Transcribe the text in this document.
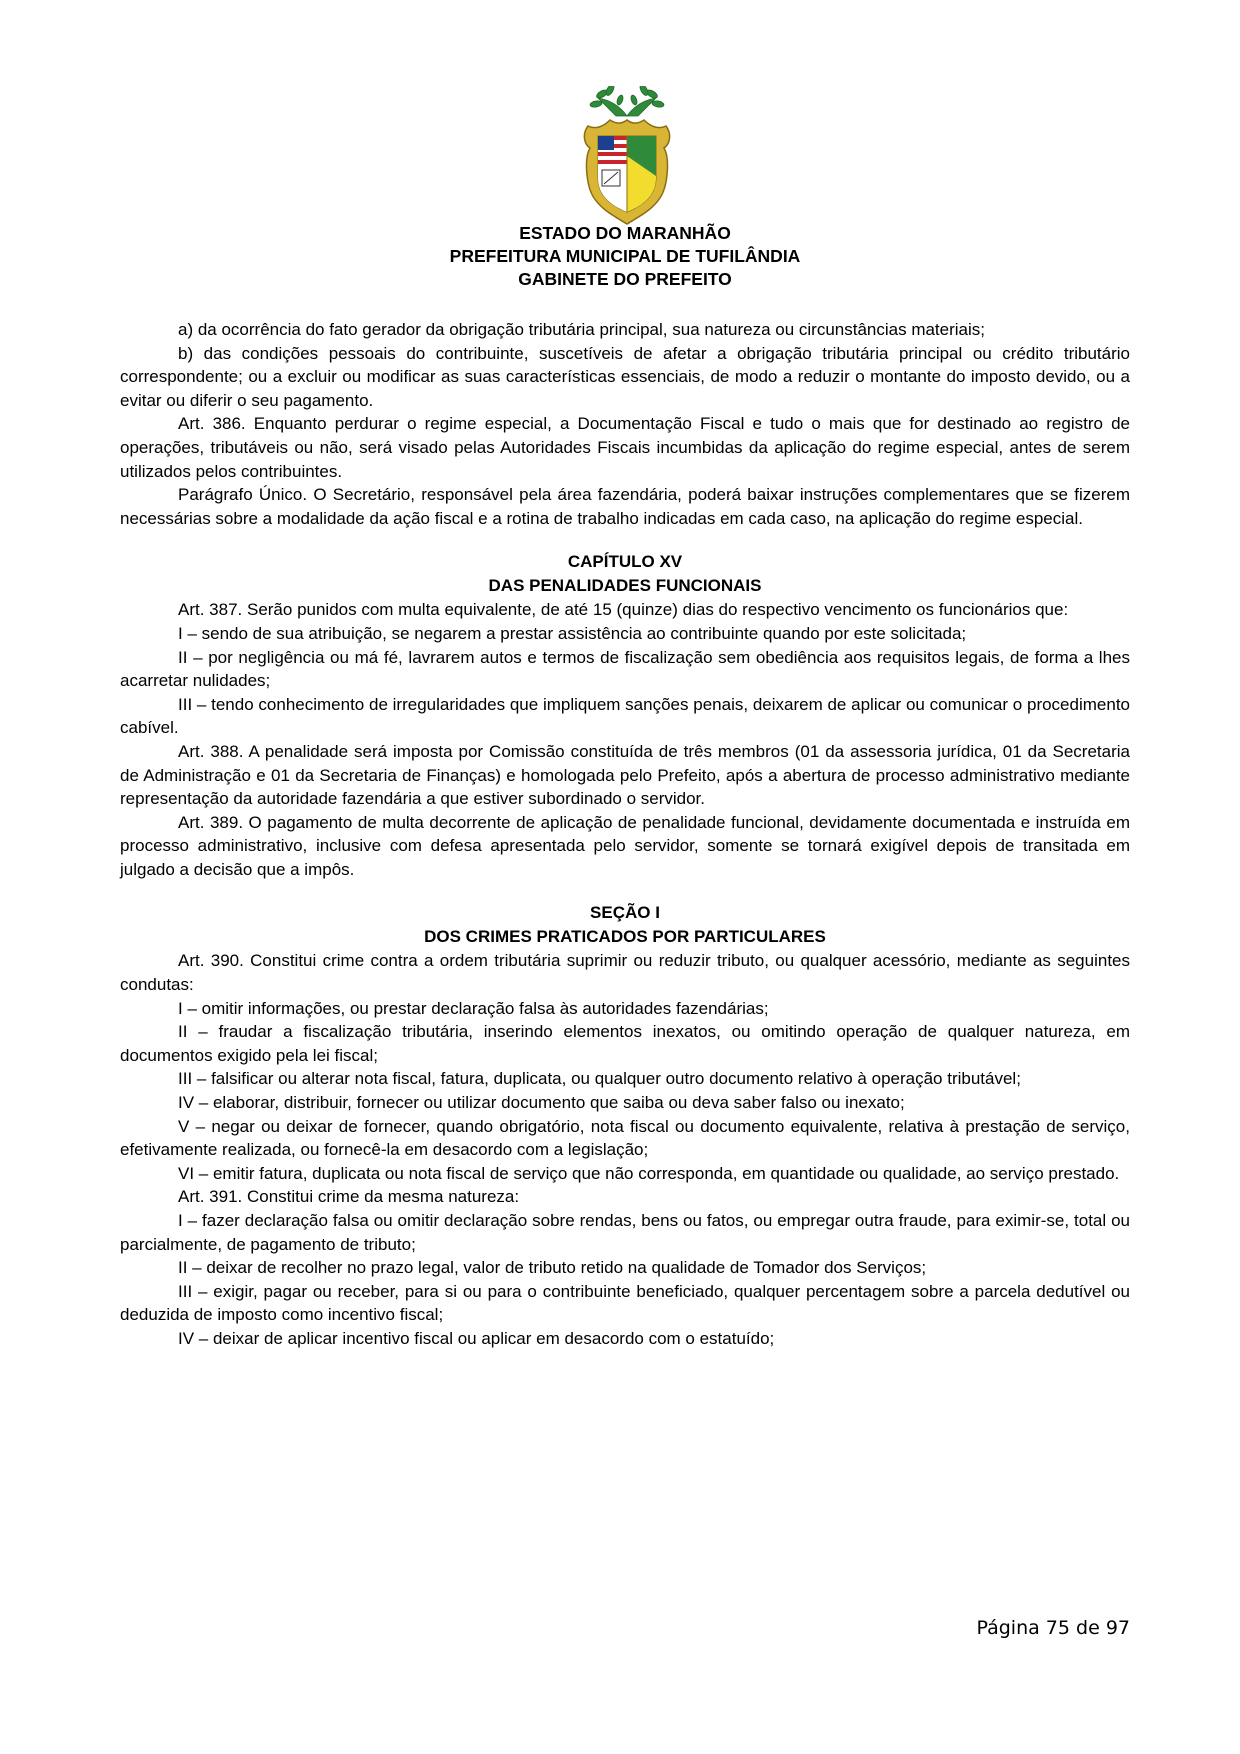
ESTADO DO MARANHÃO
PREFEITURA MUNICIPAL DE TUFILÂNDIA
GABINETE DO PREFEITO

a) da ocorrência do fato gerador da obrigação tributária principal, sua natureza ou circunstâncias materiais;

b) das condições pessoais do contribuinte, suscetíveis de afetar a obrigação tributária principal ou crédito tributário correspondente; ou a excluir ou modificar as suas características essenciais, de modo a reduzir o montante do imposto devido, ou a evitar ou diferir o seu pagamento.

Art. 386. Enquanto perdurar o regime especial, a Documentação Fiscal e tudo o mais que for destinado ao registro de operações, tributáveis ou não, será visado pelas Autoridades Fiscais incumbidas da aplicação do regime especial, antes de serem utilizados pelos contribuintes.

Parágrafo Único. O Secretário, responsável pela área fazendária, poderá baixar instruções complementares que se fizerem necessárias sobre a modalidade da ação fiscal e a rotina de trabalho indicadas em cada caso, na aplicação do regime especial.

CAPÍTULO XV
DAS PENALIDADES FUNCIONAIS

Art. 387. Serão punidos com multa equivalente, de até 15 (quinze) dias do respectivo vencimento os funcionários que:

I – sendo de sua atribuição, se negarem a prestar assistência ao contribuinte quando por este solicitada;

II – por negligência ou má fé, lavrarem autos e termos de fiscalização sem obediência aos requisitos legais, de forma a lhes acarretar nulidades;

III – tendo conhecimento de irregularidades que impliquem sanções penais, deixarem de aplicar ou comunicar o procedimento cabível.

Art. 388. A penalidade será imposta por Comissão constituída de três membros (01 da assessoria jurídica, 01 da Secretaria de Administração e 01 da Secretaria de Finanças) e homologada pelo Prefeito, após a abertura de processo administrativo mediante representação da autoridade fazendária a que estiver subordinado o servidor.

Art. 389. O pagamento de multa decorrente de aplicação de penalidade funcional, devidamente documentada e instruída em processo administrativo, inclusive com defesa apresentada pelo servidor, somente se tornará exigível depois de transitada em julgado a decisão que a impôs.

SEÇÃO I
DOS CRIMES PRATICADOS POR PARTICULARES

Art. 390. Constitui crime contra a ordem tributária suprimir ou reduzir tributo, ou qualquer acessório, mediante as seguintes condutas:

I – omitir informações, ou prestar declaração falsa às autoridades fazendárias;

II – fraudar a fiscalização tributária, inserindo elementos inexatos, ou omitindo operação de qualquer natureza, em documentos exigido pela lei fiscal;

III – falsificar ou alterar nota fiscal, fatura, duplicata, ou qualquer outro documento relativo à operação tributável;

IV – elaborar, distribuir, fornecer ou utilizar documento que saiba ou deva saber falso ou inexato;

V – negar ou deixar de fornecer, quando obrigatório, nota fiscal ou documento equivalente, relativa à prestação de serviço, efetivamente realizada, ou fornecê-la em desacordo com a legislação;

VI – emitir fatura, duplicata ou nota fiscal de serviço que não corresponda, em quantidade ou qualidade, ao serviço prestado.

Art. 391. Constitui crime da mesma natureza:

I – fazer declaração falsa ou omitir declaração sobre rendas, bens ou fatos, ou empregar outra fraude, para eximir-se, total ou parcialmente, de pagamento de tributo;

II – deixar de recolher no prazo legal, valor de tributo retido na qualidade de Tomador dos Serviços;

III – exigir, pagar ou receber, para si ou para o contribuinte beneficiado, qualquer percentagem sobre a parcela dedutível ou deduzida de imposto como incentivo fiscal;

IV – deixar de aplicar incentivo fiscal ou aplicar em desacordo com o estatuído;

Página 75 de 97
